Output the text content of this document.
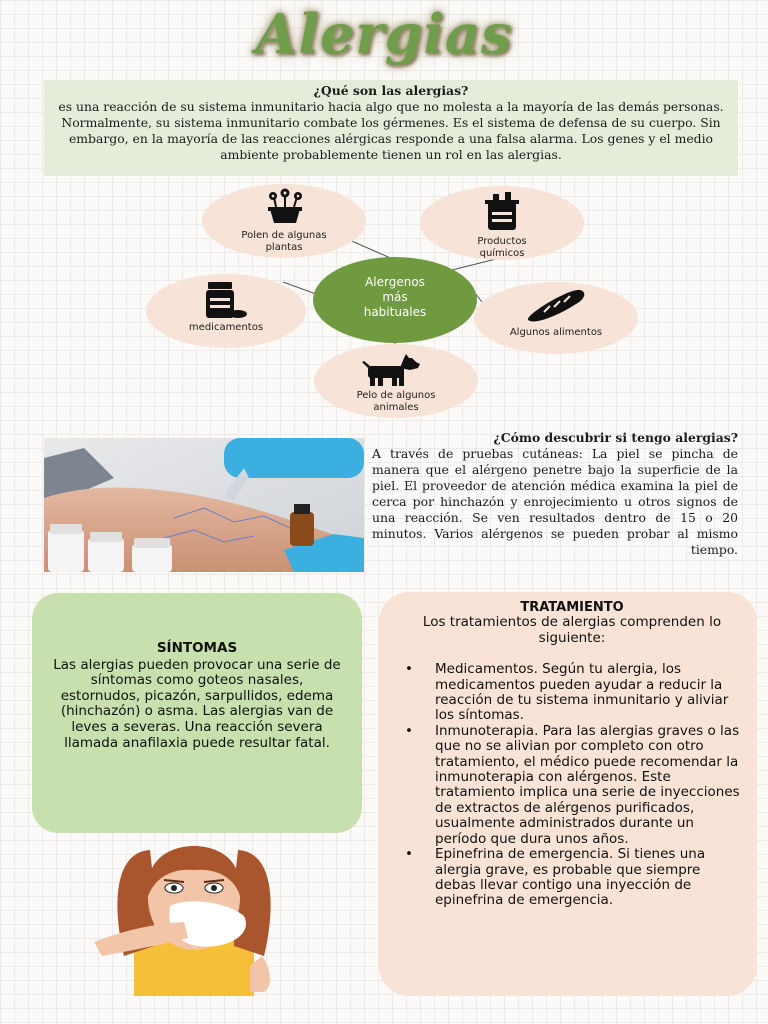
Alergias
¿Qué son las alergias?
es una reacción de su sistema inmunitario hacia algo que no molesta a la mayoría de las demás personas. Normalmente, su sistema inmunitario combate los gérmenes. Es el sistema de defensa de su cuerpo. Sin embargo, en la mayoría de las reacciones alérgicas responde a una falsa alarma. Los genes y el medio ambiente probablemente tienen un rol en las alergias.
Polen de algunas
plantas
Productos
químicos
medicamentos
Alergenos
más
habituales
Algunos alimentos
Pelo de algunos
animales
¿Cómo descubrir si tengo alergias?
A través de pruebas cutáneas: La piel se pincha de manera que el alérgeno penetre bajo la superficie de la piel. El proveedor de atención médica examina la piel de cerca por hinchazón y enrojecimiento u otros signos de una reacción. Se ven resultados dentro de 15 o 20 minutos. Varios alérgenos se pueden probar al mismo tiempo.
SÍNTOMAS
Las alergias pueden provocar una serie de síntomas como goteos nasales, estornudos, picazón, sarpullidos, edema (hinchazón) o asma. Las alergias van de leves a severas. Una reacción severa llamada anafilaxia puede resultar fatal.
TRATAMIENTO
Los tratamientos de alergias comprenden lo siguiente:
• Medicamentos. Según tu alergia, los medicamentos pueden ayudar a reducir la reacción de tu sistema inmunitario y aliviar los síntomas.
• Inmunoterapia. Para las alergias graves o las que no se alivian por completo con otro tratamiento, el médico puede recomendar la inmunoterapia con alérgenos. Este tratamiento implica una serie de inyecciones de extractos de alérgenos purificados, usualmente administrados durante un período que dura unos años.
• Epinefrina de emergencia. Si tienes una alergia grave, es probable que siempre debas llevar contigo una inyección de epinefrina de emergencia.
